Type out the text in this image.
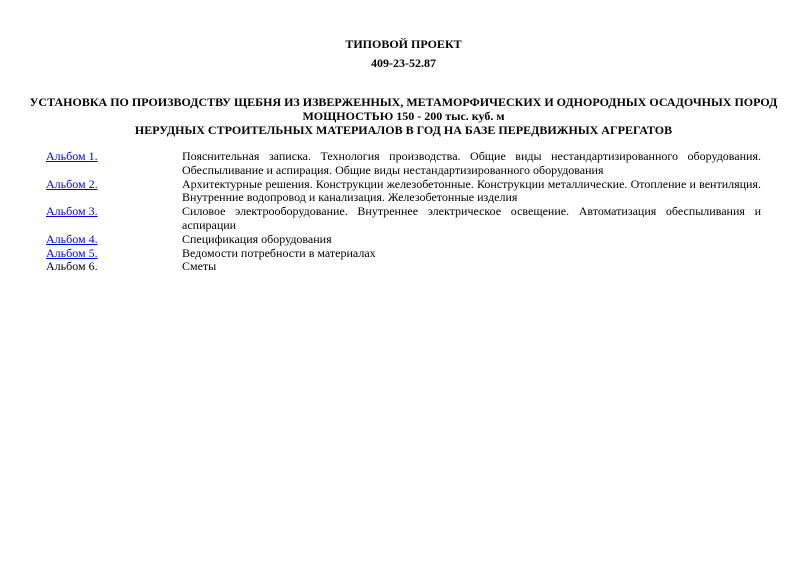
ТИПОВОЙ ПРОЕКТ
409-23-52.87
УСТАНОВКА ПО ПРОИЗВОДСТВУ ЩЕБНЯ ИЗ ИЗВЕРЖЕННЫХ, МЕТАМОРФИЧЕСКИХ И ОДНОРОДНЫХ ОСАДОЧНЫХ ПОРОД
МОЩНОСТЬЮ 150 - 200 тыс. куб. м
НЕРУДНЫХ СТРОИТЕЛЬНЫХ МАТЕРИАЛОВ В ГОД НА БАЗЕ ПЕРЕДВИЖНЫХ АГРЕГАТОВ
Альбом 1.	Пояснительная записка. Технология производства. Общие виды нестандартизированного оборудования. Обеспыливание и аспирация. Общие виды нестандартизированного оборудования
Альбом 2.	Архитектурные решения. Конструкции железобетонные. Конструкции металлические. Отопление и вентиляция. Внутренние водопровод и канализация. Железобетонные изделия
Альбом 3.	Силовое электрооборудование. Внутреннее электрическое освещение. Автоматизация обеспыливания и аспирации
Альбом 4.	Спецификация оборудования
Альбом 5.	Ведомости потребности в материалах
Альбом 6.	Сметы
